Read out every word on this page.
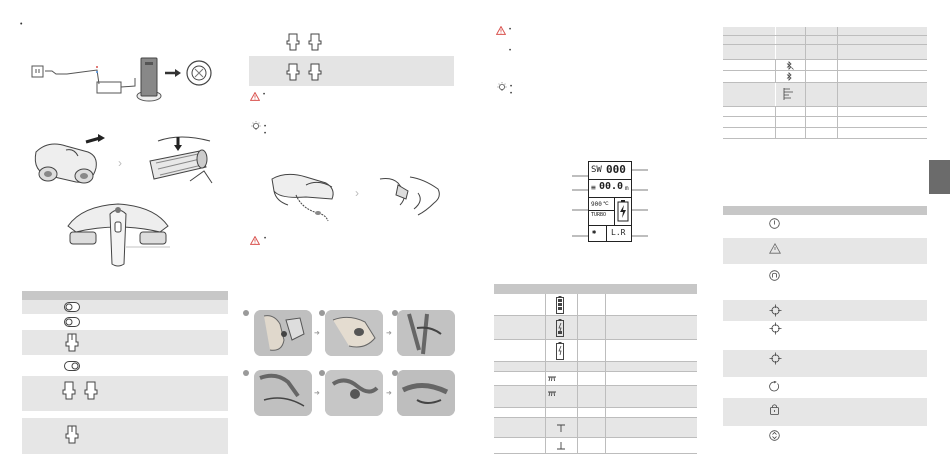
•
›
•
•
•
›
•
➜	➜
➜	➜
•
•
•
•
SW 000
≡ 00.0 m
900 ℃
TURBO
✱ L.R
